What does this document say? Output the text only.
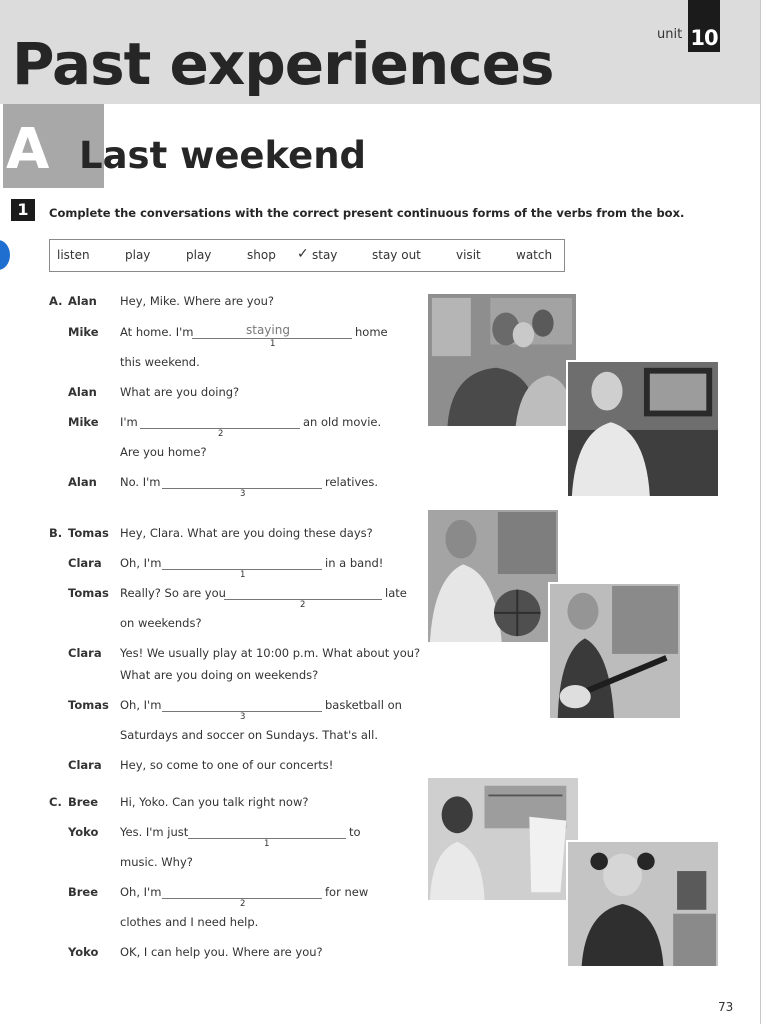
Past experiences	unit 10
A Last weekend
1	Complete the conversations with the correct present continuous forms of the verbs from the box.
listen	play	play	shop ✓ stay	stay out	visit	watch
A. Alan Hey, Mike. Where are you?
Mike At home. I'm	staying
1
home
this weekend.
Alan What are you doing?
Mike I'm
2
an old movie.
Are you home?
Alan No. I'm
3
relatives.
B. Tomas Hey, Clara. What are you doing these days?
Clara Oh, I'm
1
in a band!
Tomas Really? So are you
2
late
on weekends?
Clara Yes! We usually play at 10:00 p.m. What about you?
What are you doing on weekends?
Tomas Oh, I'm
3
basketball on
Saturdays and soccer on Sundays. That's all.
Clara Hey, so come to one of our concerts!
C. Bree Hi, Yoko. Can you talk right now?
Yoko Yes. I'm just
1
to
music. Why?
Bree Oh, I'm
2
for new
clothes and I need help.
Yoko OK, I can help you. Where are you?
73
